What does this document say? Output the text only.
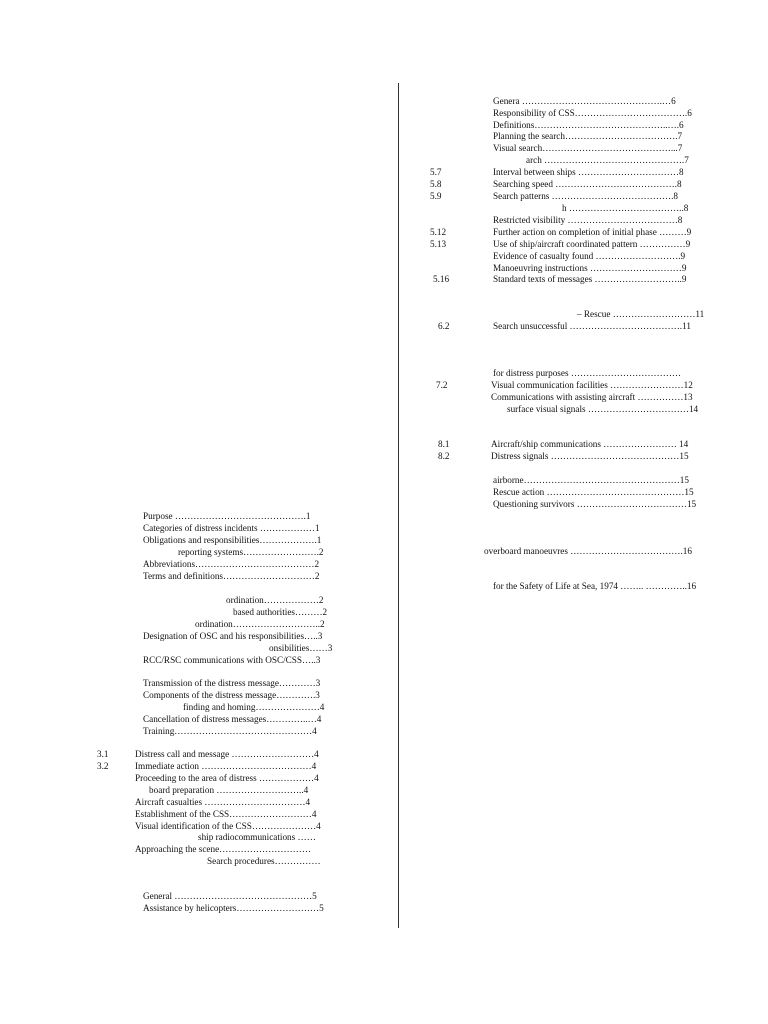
Purpose …………………………………….1
Categories of distress incidents ………………1
Obligations and responsibilities……………….1
reporting systems…………………….2
Abbreviations…………………………………2
Terms and definitions…………………………2
ordination………………2
based authorities………2
ordination………………………..2
Designation of OSC and his responsibilities…..3
onsibilities……3
RCC/RSC communications with OSC/CSS…..3
Transmission of the distress message…………3
Components of the distress message………….3
finding and homing…………………4
Cancellation of distress messages…………..…4
Training………………………………………4
3.1	Distress call and message ………………………4
3.2	Immediate action ………………………………4
Proceeding to the area of distress ………………4
board preparation ………………………..4
Aircraft casualties ……………………………4
Establishment of the CSS………………………4
Visual identification of the CSS…………………4
ship radiocommunications ……
Approaching the scene…………………………
Search procedures……………
General ………………………………………5
Assistance by helicopters………………………5
Genera ……………………………………….…6
Responsibility of CSS……………………………….6
Definitions……………………………………..….6
Planning the search……………………………….7
Visual search……………………………………...7
arch ……………………………………….7
5.7	Interval between ships ……………………………8
5.8	Searching speed ………………………………….8
5.9	Search patterns ………………………………….8
h ………………………………..8
Restricted visibility ………………………………8
5.12	Further action on completion of initial phase ………9
5.13	Use of ship/aircraft coordinated pattern ……………9
Evidence of casualty found ……………………….9
Manoeuvring instructions …………………………9
5.16	Standard texts of messages ………………………..9
– Rescue ………………………11
6.2	Search unsuccessful ……………………………….11
for distress purposes ………………………………
7.2	Visual communication facilities ……………………12
Communications with assisting aircraft ……………13
surface visual signals ……………………………14
8.1	Aircraft/ship communications …………………… 14
8.2	Distress signals ……………………………………15
airborne……………………………………………15
Rescue action ………………………………………15
Questioning survivors ………………………………15
overboard manoeuvres ……………………………….16
for the Safety of Life at Sea, 1974 …….. …………..16
